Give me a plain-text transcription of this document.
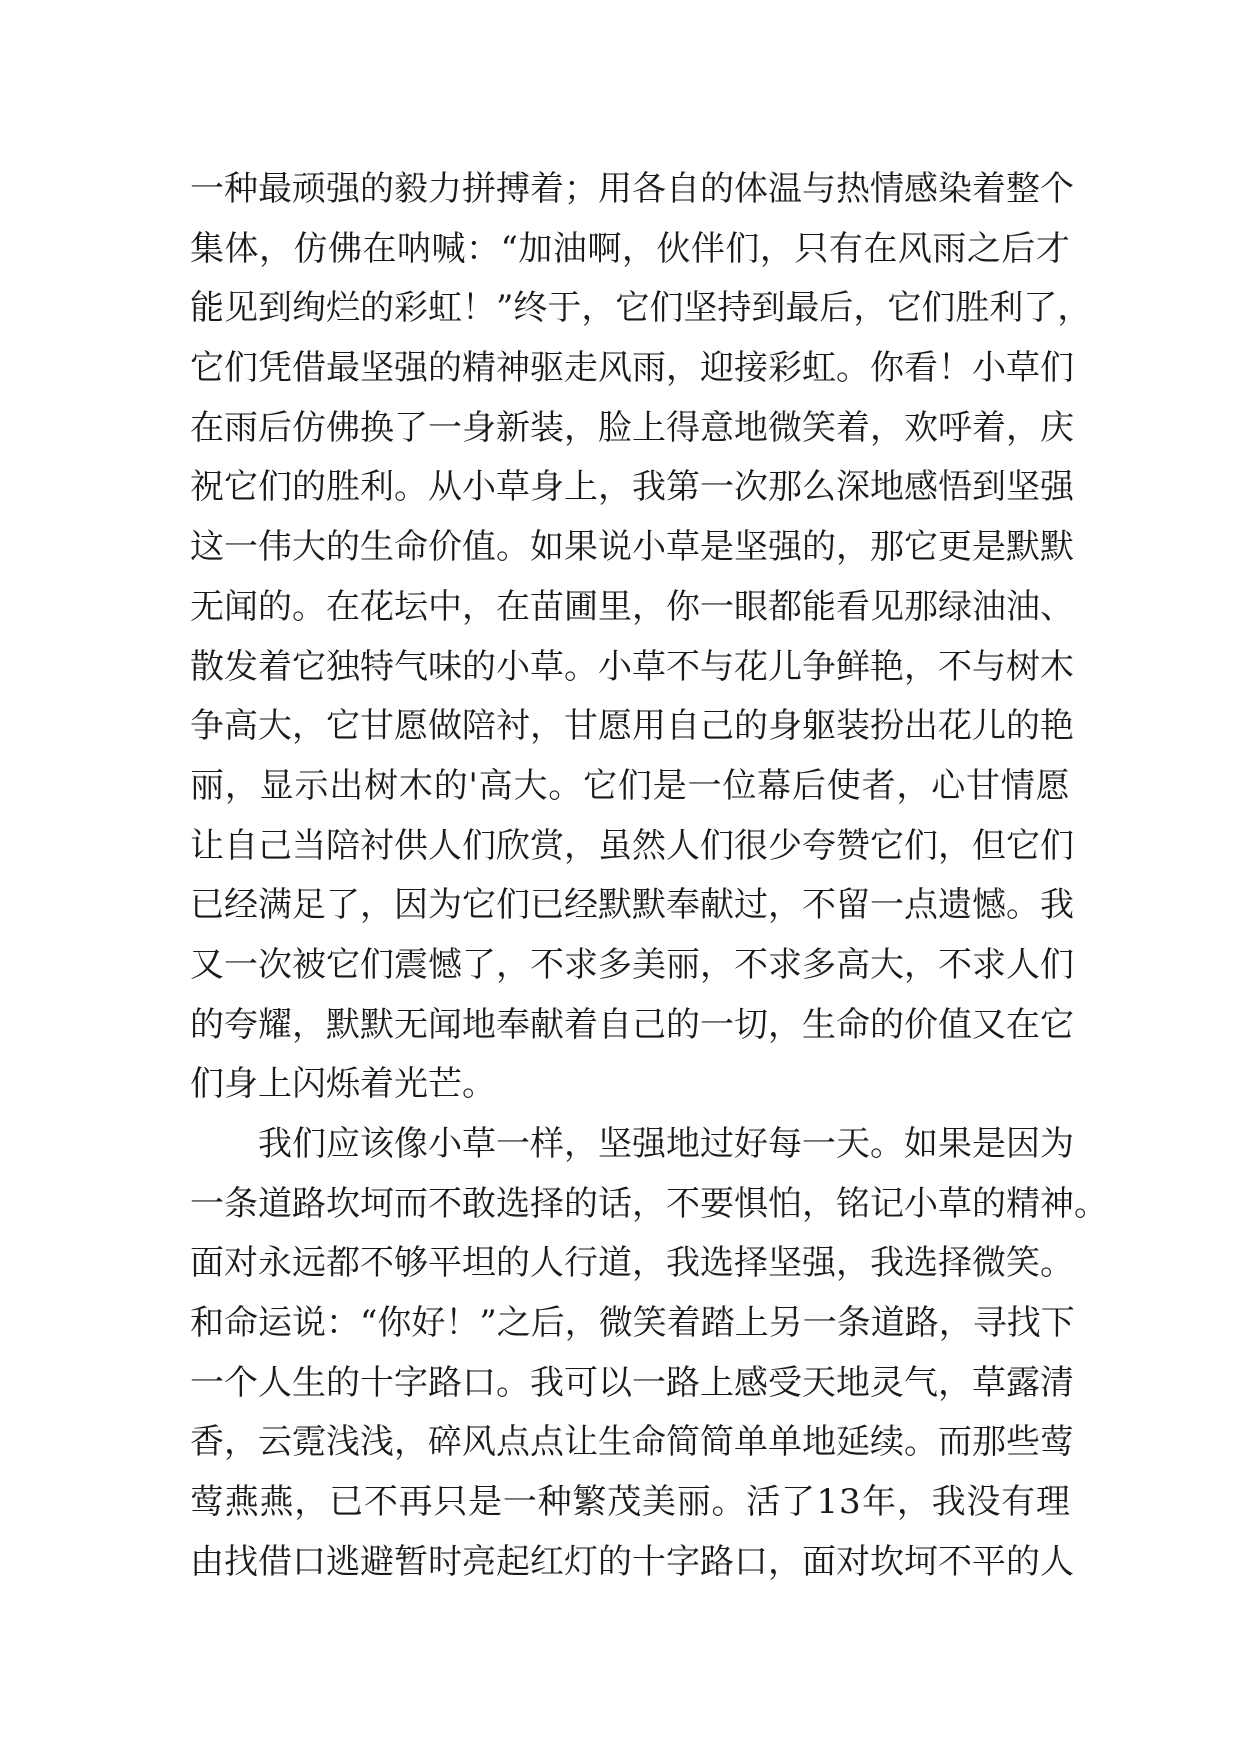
一 种 最 顽 强 的 毅 力 拼 搏 着 ； 用 各 自 的 体 温 与 热 情 感 染 着 整 个
集 体 ， 仿 佛 在 呐 喊 ： “ 加 油 啊 ， 伙 伴 们 ， 只 有 在 风 雨 之 后 才
能 见 到 绚 烂 的 彩 虹 ！ ” 终 于 ， 它 们 坚 持 到 最 后 ， 它 们 胜 利 了 ，
它 们 凭 借 最 坚 强 的 精 神 驱 走 风 雨 ， 迎 接 彩 虹 。 你 看 ！ 小 草 们
在 雨 后 仿 佛 换 了 一 身 新 装 ， 脸 上 得 意 地 微 笑 着 ， 欢 呼 着 ， 庆
祝 它 们 的 胜 利 。 从 小 草 身 上 ， 我 第 一 次 那 么 深 地 感 悟 到 坚 强
这 一 伟 大 的 生 命 价 值 。 如 果 说 小 草 是 坚 强 的 ， 那 它 更 是 默 默
无 闻 的 。 在 花 坛 中 ， 在 苗 圃 里 ， 你 一 眼 都 能 看 见 那 绿 油 油 、
散 发 着 它 独 特 气 味 的 小 草 。 小 草 不 与 花 儿 争 鲜 艳 ， 不 与 树 木
争 高 大 ， 它 甘 愿 做 陪 衬 ， 甘 愿 用 自 己 的 身 躯 装 扮 出 花 儿 的 艳
丽 ， 显 示 出 树 木 的 ' 高 大 。 它 们 是 一 位 幕 后 使 者 ， 心 甘 情 愿
让 自 己 当 陪 衬 供 人 们 欣 赏 ， 虽 然 人 们 很 少 夸 赞 它 们 ， 但 它 们
已 经 满 足 了 ， 因 为 它 们 已 经 默 默 奉 献 过 ， 不 留 一 点 遗 憾 。 我
又 一 次 被 它 们 震 憾 了 ， 不 求 多 美 丽 ， 不 求 多 高 大 ， 不 求 人 们
的 夸 耀 ， 默 默 无 闻 地 奉 献 着 自 己 的 一 切 ， 生 命 的 价 值 又 在 它
们身上闪烁着光芒。

我 们 应 该 像 小 草 一 样 ， 坚 强 地 过 好 每 一 天 。 如 果 是 因 为
一 条 道 路 坎 坷 而 不 敢 选 择 的 话 ， 不 要 惧 怕 ， 铭 记 小 草 的 精 神 。
面 对 永 远 都 不 够 平 坦 的 人 行 道 ， 我 选 择 坚 强 ， 我 选 择 微 笑 。
和 命 运 说 ： “ 你 好 ！ ” 之 后 ， 微 笑 着 踏 上 另 一 条 道 路 ， 寻 找 下
一 个 人 生 的 十 字 路 口 。 我 可 以 一 路 上 感 受 天 地 灵 气 ， 草 露 清
香 ， 云 霓 浅 浅 ， 碎 风 点 点 让 生 命 简 简 单 单 地 延 续 。 而 那 些 莺
莺 燕 燕 ， 已 不 再 只 是 一 种 繁 茂 美 丽 。 活 了 1 3 年 ， 我 没 有 理
由 找 借 口 逃 避 暂 时 亮 起 红 灯 的 十 字 路 口 ， 面 对 坎 坷 不 平 的 人
